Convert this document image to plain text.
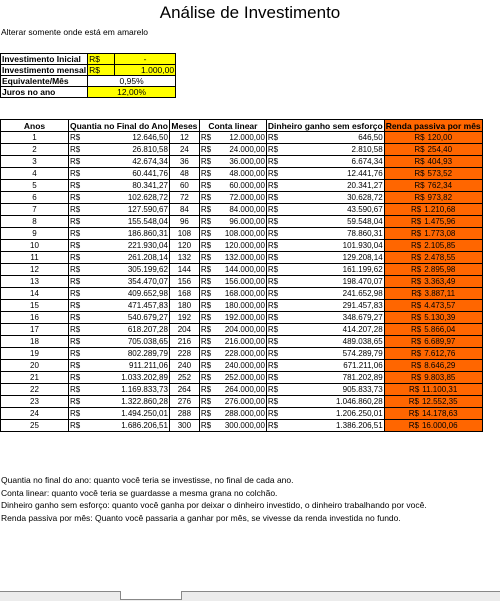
Análise de Investimento
Alterar somente onde está em amarelo
Investimento Inicial	R$	-
Investimento mensal	R$	1.000,00
Equivalente/Mês	0,95%	
Juros no ano	12,00%	
Anos	Quantia no Final do Ano		Meses	Conta linear		Dinheiro ganho sem esforço		Renda passiva por mês
1	R$	12.646,50	12	R$	12.000,00	R$	646,50	R$ 120,00
2	R$	26.810,58	24	R$	24.000,00	R$	2.810,58	R$ 254,40
3	R$	42.674,34	36	R$	36.000,00	R$	6.674,34	R$ 404,93
4	R$	60.441,76	48	R$	48.000,00	R$	12.441,76	R$ 573,52
5	R$	80.341,27	60	R$	60.000,00	R$	20.341,27	R$ 762,34
6	R$	102.628,72	72	R$	72.000,00	R$	30.628,72	R$ 973,82
7	R$	127.590,67	84	R$	84.000,00	R$	43.590,67	R$ 1.210,68
8	R$	155.548,04	96	R$	96.000,00	R$	59.548,04	R$ 1.475,96
9	R$	186.860,31	108	R$	108.000,00	R$	78.860,31	R$ 1.773,08
10	R$	221.930,04	120	R$	120.000,00	R$	101.930,04	R$ 2.105,85
11	R$	261.208,14	132	R$	132.000,00	R$	129.208,14	R$ 2.478,55
12	R$	305.199,62	144	R$	144.000,00	R$	161.199,62	R$ 2.895,98
13	R$	354.470,07	156	R$	156.000,00	R$	198.470,07	R$ 3.363,49
14	R$	409.652,98	168	R$	168.000,00	R$	241.652,98	R$ 3.887,11
15	R$	471.457,83	180	R$	180.000,00	R$	291.457,83	R$ 4.473,57
16	R$	540.679,27	192	R$	192.000,00	R$	348.679,27	R$ 5.130,39
17	R$	618.207,28	204	R$	204.000,00	R$	414.207,28	R$ 5.866,04
18	R$	705.038,65	216	R$	216.000,00	R$	489.038,65	R$ 6.689,97
19	R$	802.289,79	228	R$	228.000,00	R$	574.289,79	R$ 7.612,76
20	R$	911.211,06	240	R$	240.000,00	R$	671.211,06	R$ 8.646,29
21	R$	1.033.202,89	252	R$	252.000,00	R$	781.202,89	R$ 9.803,85
22	R$	1.169.833,73	264	R$	264.000,00	R$	905.833,73	R$ 11.100,31
23	R$	1.322.860,28	276	R$	276.000,00	R$	1.046.860,28	R$ 12.552,35
24	R$	1.494.250,01	288	R$	288.000,00	R$	1.206.250,01	R$ 14.178,63
25	R$	1.686.206,51	300	R$	300.000,00	R$	1.386.206,51	R$ 16.000,06
Quantia no final do ano: quanto você teria se investisse, no final de cada ano.
Conta linear: quanto você teria se guardasse a mesma grana no colchão.
Dinheiro ganho sem esforço: quanto você ganha por deixar o dinheiro investido, o dinheiro trabalhando por você.
Renda passiva por mês: Quanto você passaria a ganhar por mês, se vivesse da renda investida no fundo.
